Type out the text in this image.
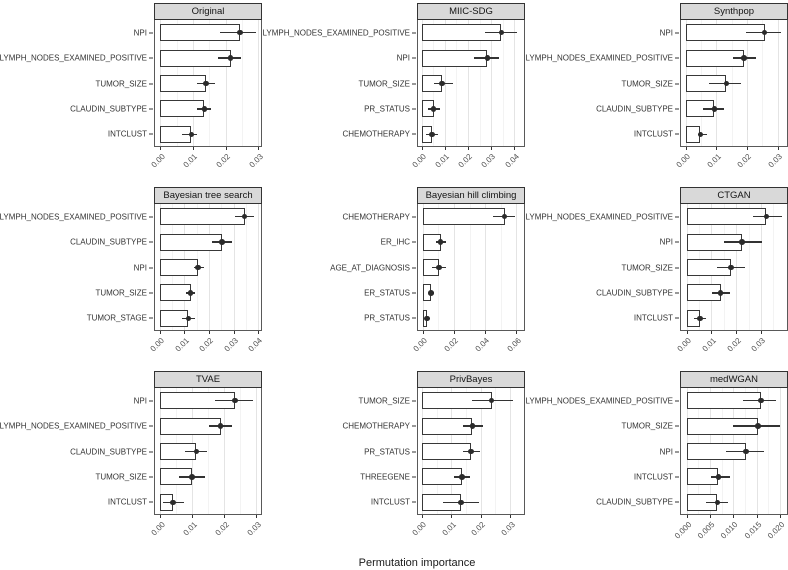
NPI
LYMPH_NODES_EXAMINED_POSITIVE
TUMOR_SIZE
CLAUDIN_SUBTYPE
INTCLUST
Original
0.00 0.01 0.02 0.03
LYMPH_NODES_EXAMINED_POSITIVE
NPI
TUMOR_SIZE
PR_STATUS
CHEMOTHERAPY
MIIC-SDG
0.00 0.01 0.02 0.03 0.04
NPI
LYMPH_NODES_EXAMINED_POSITIVE
TUMOR_SIZE
CLAUDIN_SUBTYPE
INTCLUST
Synthpop
0.00 0.01 0.02 0.03
LYMPH_NODES_EXAMINED_POSITIVE
CLAUDIN_SUBTYPE
NPI
TUMOR_SIZE
TUMOR_STAGE
Bayesian tree search
0.00 0.01 0.02 0.03 0.04
CHEMOTHERAPY
ER_IHC
AGE_AT_DIAGNOSIS
ER_STATUS
PR_STATUS
Bayesian hill climbing
0.00 0.02 0.04 0.06
LYMPH_NODES_EXAMINED_POSITIVE
NPI
TUMOR_SIZE
CLAUDIN_SUBTYPE
INTCLUST
CTGAN
0.00 0.01 0.02 0.03
NPI
LYMPH_NODES_EXAMINED_POSITIVE
CLAUDIN_SUBTYPE
TUMOR_SIZE
INTCLUST
TVAE
0.00 0.01 0.02 0.03
TUMOR_SIZE
CHEMOTHERAPY
PR_STATUS
THREEGENE
INTCLUST
PrivBayes
0.00 0.01 0.02 0.03
LYMPH_NODES_EXAMINED_POSITIVE
TUMOR_SIZE
NPI
INTCLUST
CLAUDIN_SUBTYPE
medWGAN
0.000 0.005 0.010 0.015 0.020
Permutation importance
